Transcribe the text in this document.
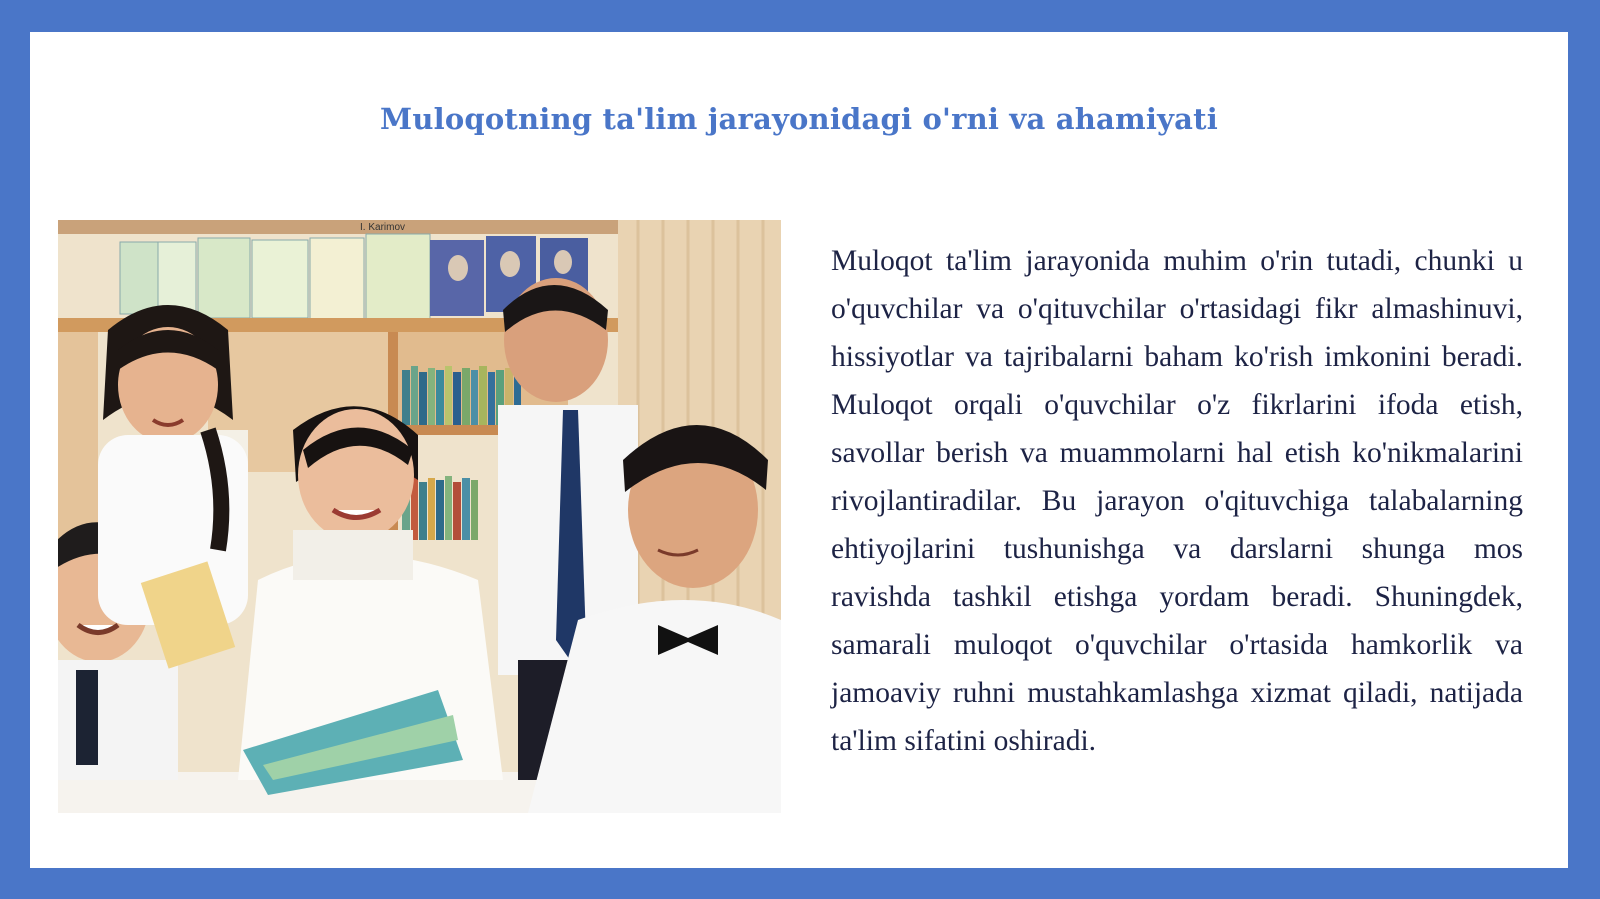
Muloqotning ta'lim jarayonidagi o'rni va ahamiyati
I. Karimov

Muloqot ta'lim jarayonida muhim o'rin tutadi, chunki u o'quvchilar va o'qituvchilar o'rtasidagi fikr almashinuvi, hissiyotlar va tajribalarni baham ko'rish imkonini beradi. Muloqot orqali o'quvchilar o'z fikrlarini ifoda etish, savollar berish va muammolarni hal etish ko'nikmalarini rivojlantiradilar. Bu jarayon o'qituvchiga talabalarning ehtiyojlarini tushunishga va darslarni shunga mos ravishda tashkil etishga yordam beradi. Shuningdek, samarali muloqot o'quvchilar o'rtasida hamkorlik va jamoaviy ruhni mustahkamlashga xizmat qiladi, natijada ta'lim sifatini oshiradi.
